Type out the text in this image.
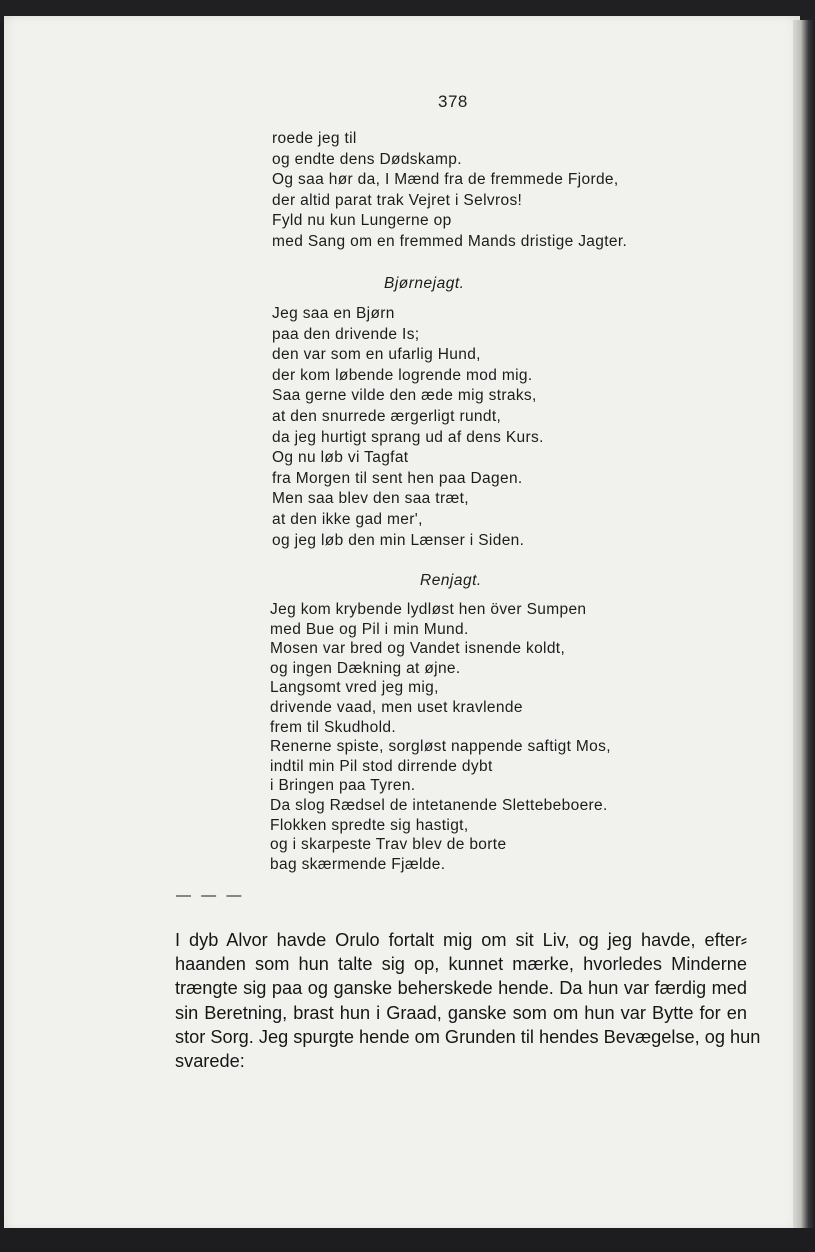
378
roede jeg til
og endte dens Dødskamp.
Og saa hør da, I Mænd fra de fremmede Fjorde,
der altid parat trak Vejret i Selvros!
Fyld nu kun Lungerne op
med Sang om en fremmed Mands dristige Jagter.
Bjørnejagt.
Jeg saa en Bjørn
paa den drivende Is;
den var som en ufarlig Hund,
der kom løbende logrende mod mig.
Saa gerne vilde den æde mig straks,
at den snurrede ærgerligt rundt,
da jeg hurtigt sprang ud af dens Kurs.
Og nu løb vi Tagfat
fra Morgen til sent hen paa Dagen.
Men saa blev den saa træt,
at den ikke gad mer',
og jeg løb den min Lænser i Siden.
Renjagt.
Jeg kom krybende lydløst hen över Sumpen
med Bue og Pil i min Mund.
Mosen var bred og Vandet isnende koldt,
og ingen Dækning at øjne.
Langsomt vred jeg mig,
drivende vaad, men uset kravlende
frem til Skudhold.
Renerne spiste, sorgløst nappende saftigt Mos,
indtil min Pil stod dirrende dybt
i Bringen paa Tyren.
Da slog Rædsel de intetanende Slettebeboere.
Flokken spredte sig hastigt,
og i skarpeste Trav blev de borte
bag skærmende Fjælde.
— — —
I dyb Alvor havde Orulo fortalt mig om sit Liv, og jeg havde, efter⸗
haanden som hun talte sig op, kunnet mærke, hvorledes Minderne
trængte sig paa og ganske beherskede hende. Da hun var færdig med
sin Beretning, brast hun i Graad, ganske som om hun var Bytte for en
stor Sorg. Jeg spurgte hende om Grunden til hendes Bevægelse, og hun
svarede:
